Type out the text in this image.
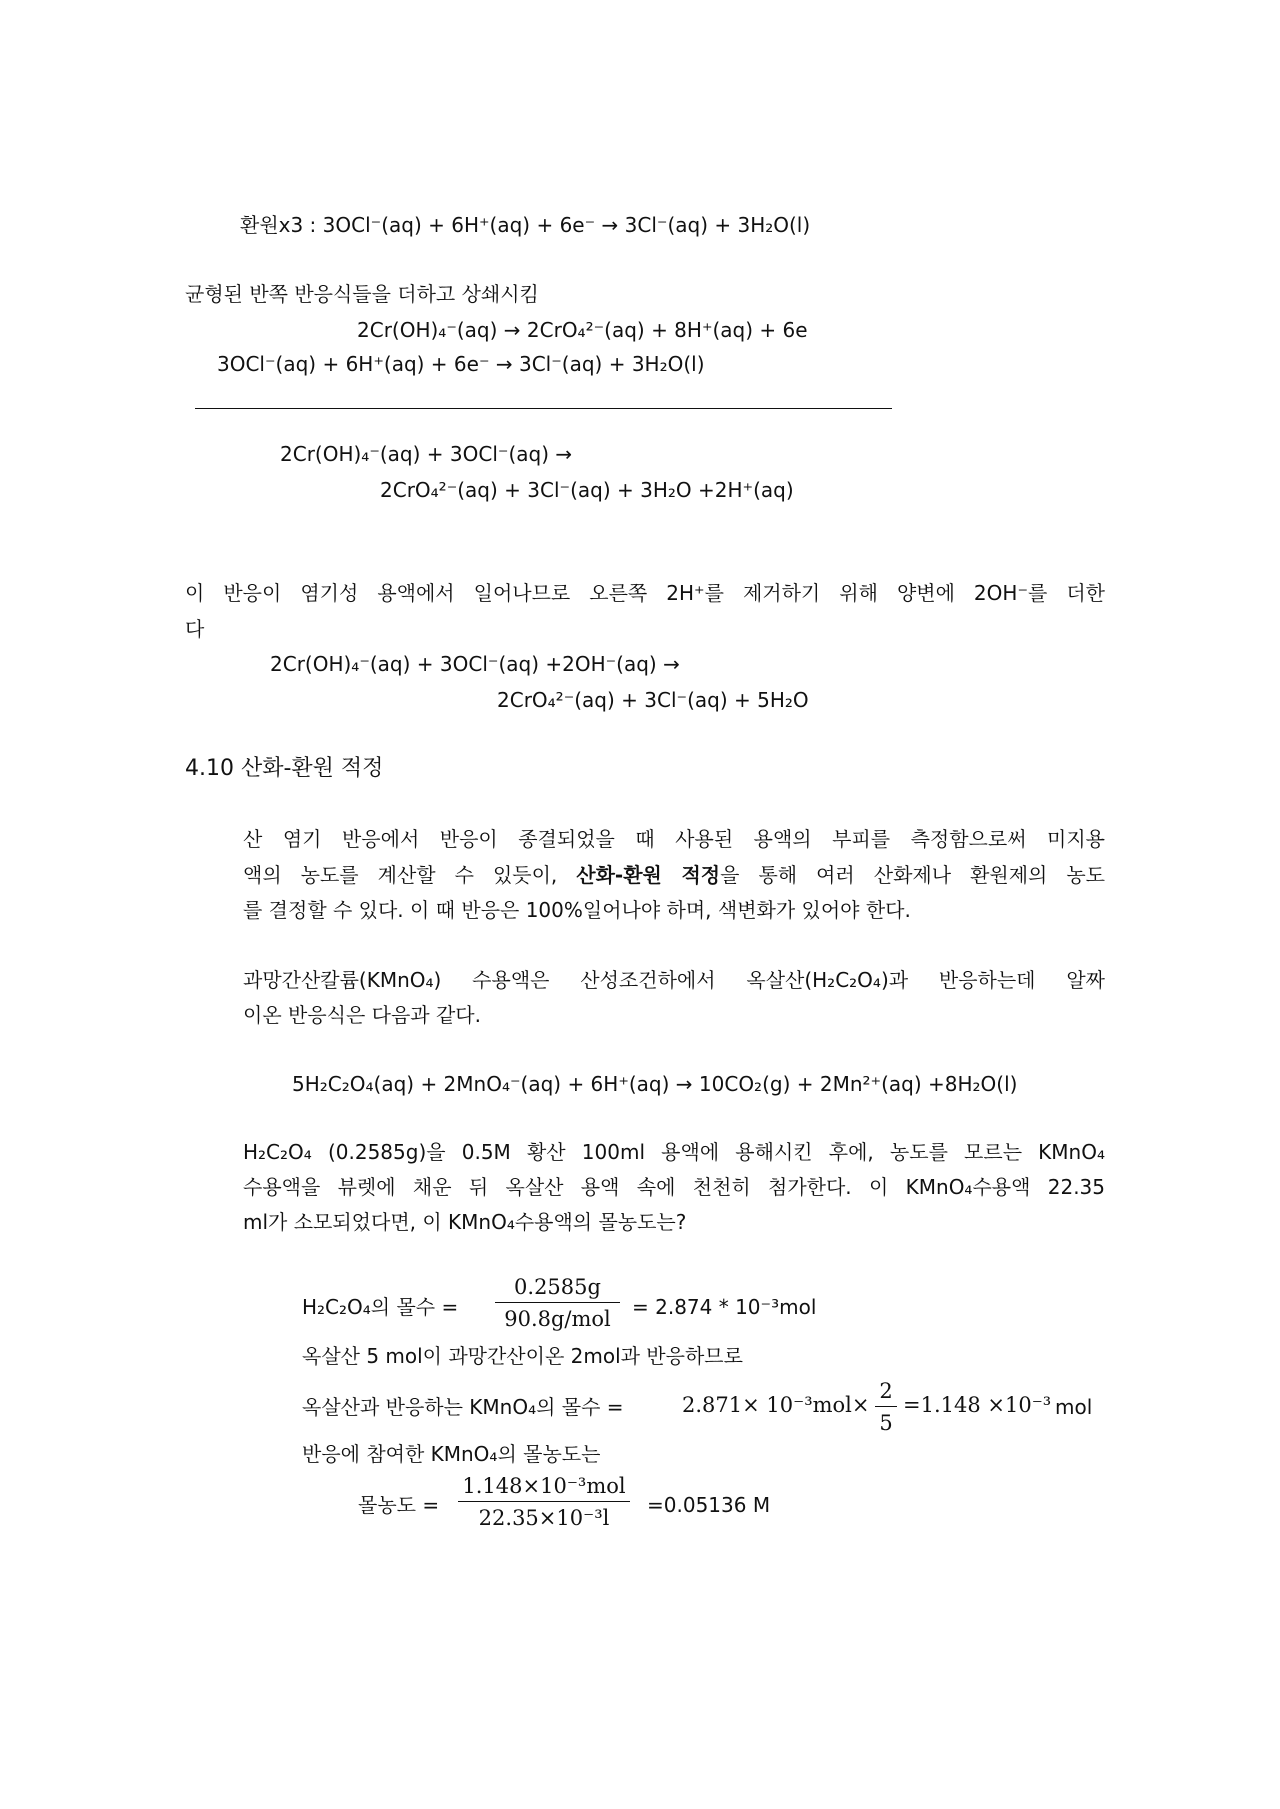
환원x3 : 3OCl⁻(aq) + 6H⁺(aq) + 6e⁻ → 3Cl⁻(aq) + 3H₂O(l)
균형된 반쪽 반응식들을 더하고 상쇄시킴
2Cr(OH)₄⁻(aq) → 2CrO₄²⁻(aq) + 8H⁺(aq) + 6e
3OCl⁻(aq) + 6H⁺(aq) + 6e⁻ → 3Cl⁻(aq) + 3H₂O(l)
2Cr(OH)₄⁻(aq) + 3OCl⁻(aq) →
2CrO₄²⁻(aq) + 3Cl⁻(aq) + 3H₂O +2H⁺(aq)
이 반응이 염기성 용액에서 일어나므로 오른쪽 2H⁺를 제거하기 위해 양변에 2OH⁻를 더한
다
2Cr(OH)₄⁻(aq) + 3OCl⁻(aq) +2OH⁻(aq) →
2CrO₄²⁻(aq) + 3Cl⁻(aq) + 5H₂O
4.10 산화-환원 적정
산 염기 반응에서 반응이 종결되었을 때 사용된 용액의 부피를 측정함으로써 미지용
액의 농도를 계산할 수 있듯이, 산화-환원 적정을 통해 여러 산화제나 환원제의 농도
를 결정할 수 있다. 이 때 반응은 100%일어나야 하며, 색변화가 있어야 한다.
과망간산칼륨(KMnO₄) 수용액은 산성조건하에서 옥살산(H₂C₂O₄)과 반응하는데 알짜
이온 반응식은 다음과 같다.
5H₂C₂O₄(aq) + 2MnO₄⁻(aq) + 6H⁺(aq) → 10CO₂(g) + 2Mn²⁺(aq) +8H₂O(l)
H₂C₂O₄ (0.2585g)을 0.5M 황산 100ml 용액에 용해시킨 후에, 농도를 모르는 KMnO₄
수용액을 뷰렛에 채운 뒤 옥살산 용액 속에 천천히 첨가한다. 이 KMnO₄수용액 22.35
ml가 소모되었다면, 이 KMnO₄수용액의 몰농도는?
H₂C₂O₄의 몰수 =
0.2585g
90.8g/mol	= 2.874 * 10⁻³mol
옥살산 5 mol이 과망간산이온 2mol과 반응하므로
옥살산과 반응하는 KMnO₄의 몰수 =	2.871× 10⁻³mol×
2
5
=1.148 ×10⁻³ mol
반응에 참여한 KMnO₄의 몰농도는
몰농도 =
1.148×10⁻³mol
22.35×10⁻³l
=0.05136 M
